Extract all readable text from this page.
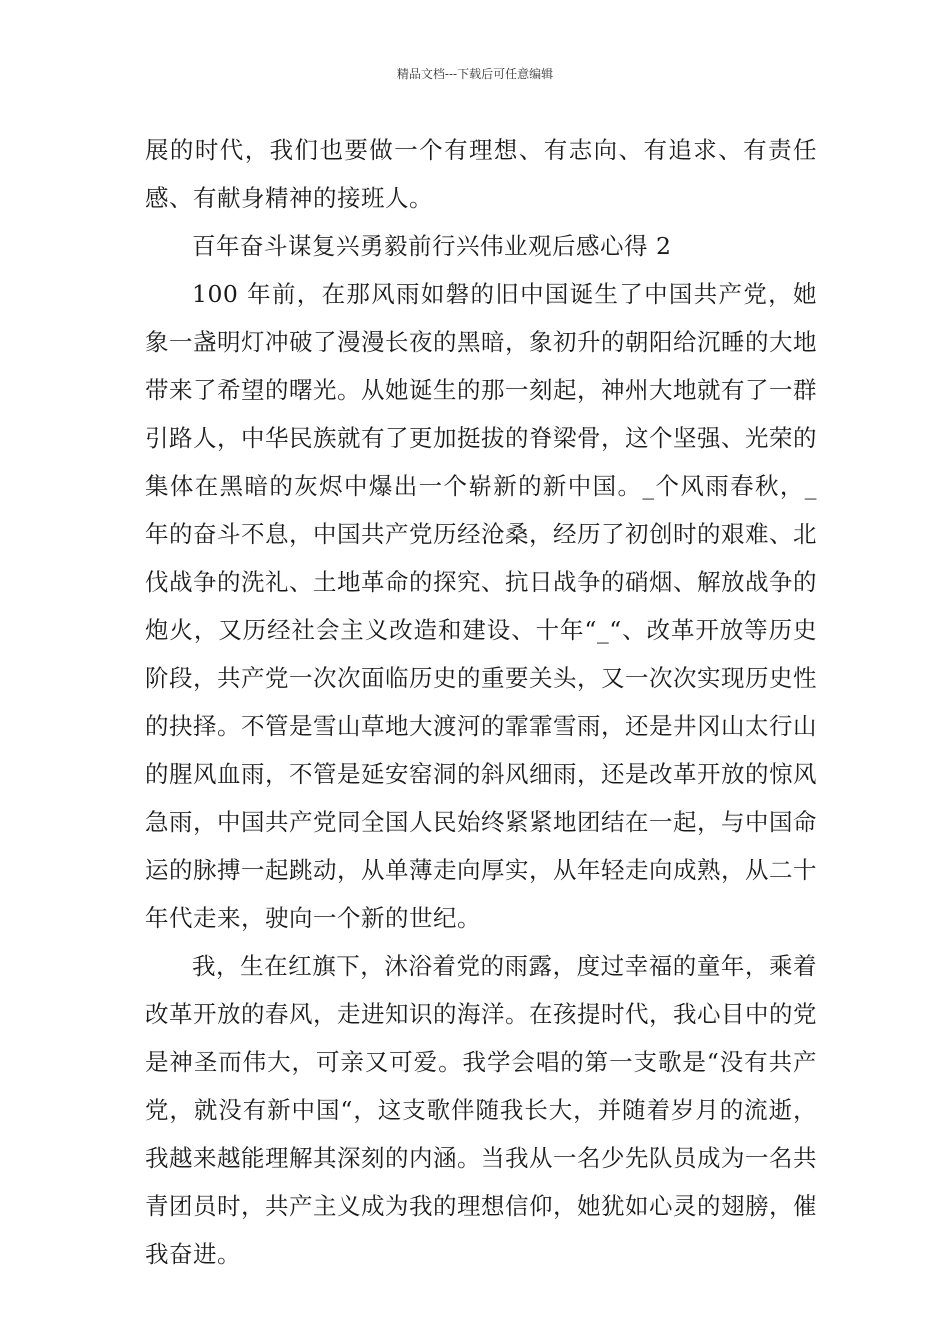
精品文档---下载后可任意编辑

展的时代，我们也要做一个有理想、有志向、有追求、有责任感、有献身精神的接班人。

百年奋斗谋复兴勇毅前行兴伟业观后感心得 2

100 年前，在那风雨如磐的旧中国诞生了中国共产党，她象一盏明灯冲破了漫漫长夜的黑暗，象初升的朝阳给沉睡的大地带来了希望的曙光。从她诞生的那一刻起，神州大地就有了一群引路人，中华民族就有了更加挺拔的脊梁骨，这个坚强、光荣的集体在黑暗的灰烬中爆出一个崭新的新中国。_个风雨春秋，_年的奋斗不息，中国共产党历经沧桑，经历了初创时的艰难、北伐战争的洗礼、土地革命的探究、抗日战争的硝烟、解放战争的炮火，又历经社会主义改造和建设、十年“_“、改革开放等历史阶段，共产党一次次面临历史的重要关头，又一次次实现历史性的抉择。不管是雪山草地大渡河的霏霏雪雨，还是井冈山太行山的腥风血雨，不管是延安窑洞的斜风细雨，还是改革开放的惊风急雨，中国共产党同全国人民始终紧紧地团结在一起，与中国命运的脉搏一起跳动，从单薄走向厚实，从年轻走向成熟，从二十年代走来，驶向一个新的世纪。

我，生在红旗下，沐浴着党的雨露，度过幸福的童年，乘着改革开放的春风，走进知识的海洋。在孩提时代，我心目中的党是神圣而伟大，可亲又可爱。我学会唱的第一支歌是“没有共产党，就没有新中国“，这支歌伴随我长大，并随着岁月的流逝，我越来越能理解其深刻的内涵。当我从一名少先队员成为一名共青团员时，共产主义成为我的理想信仰，她犹如心灵的翅膀，催我奋进。
